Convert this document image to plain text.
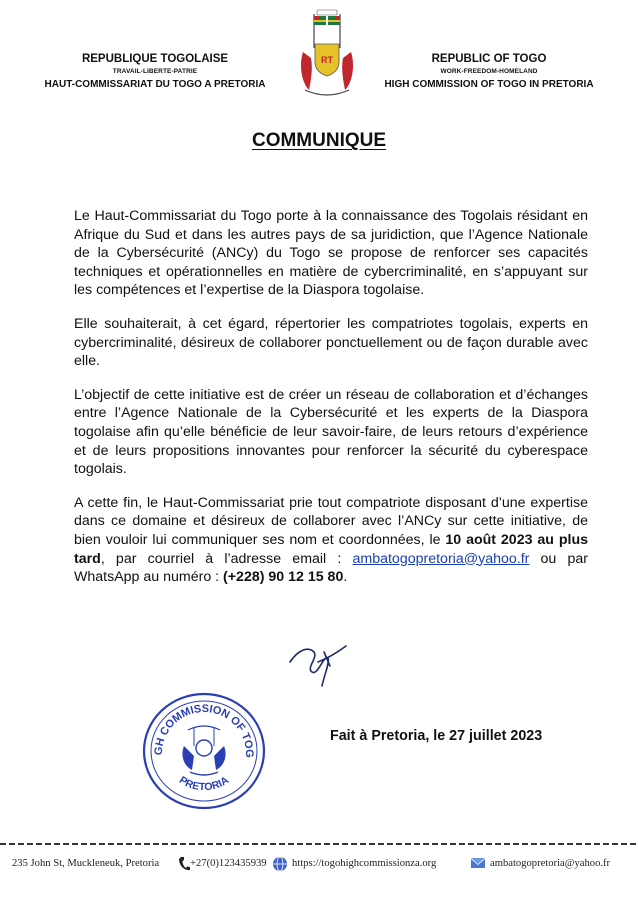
REPUBLIQUE TOGOLAISE
TRAVAIL-LIBERTE-PATRIE
HAUT-COMMISSARIAT DU TOGO A PRETORIA
RT	REPUBLIC OF TOGO
WORK-FREEDOM-HOMELAND
HIGH COMMISSION OF TOGO IN PRETORIA
COMMUNIQUE

Le Haut-Commissariat du Togo porte à la connaissance des Togolais résidant en Afrique du Sud et dans les autres pays de sa juridiction, que l’Agence Nationale de la Cybersécurité (ANCy) du Togo se propose de renforcer ses capacités techniques et opérationnelles en matière de cybercriminalité, en s’appuyant sur les compétences et l’expertise de la Diaspora togolaise.

Elle souhaiterait, à cet égard, répertorier les compatriotes togolais, experts en cybercriminalité, désireux de collaborer ponctuellement ou de façon durable avec elle.

L’objectif de cette initiative est de créer un réseau de collaboration et d’échanges entre l’Agence Nationale de la Cybersécurité et les experts de la Diaspora togolaise afin qu’elle bénéficie de leur savoir-faire, de leurs retours d’expérience et de leurs propositions innovantes pour renforcer la sécurité du cyberespace togolais.

A cette fin, le Haut-Commissariat prie tout compatriote disposant d’une expertise dans ce domaine et désireux de collaborer avec l’ANCy sur cette initiative, de bien vouloir lui communiquer ses nom et coordonnées, le 10 août 2023 au plus tard, par courriel à l’adresse email : ambatogopretoria@yahoo.fr ou par WhatsApp au numéro : (+228) 90 12 15 80.

GH COMMISSION OF TOG
PRETORIA
Fait à Pretoria, le 27 juillet 2023
235 John St, Muckleneuk, Pretoria	+27(0)123435939 https://togohighcommissionza.org	ambatogopretoria@yahoo.fr
